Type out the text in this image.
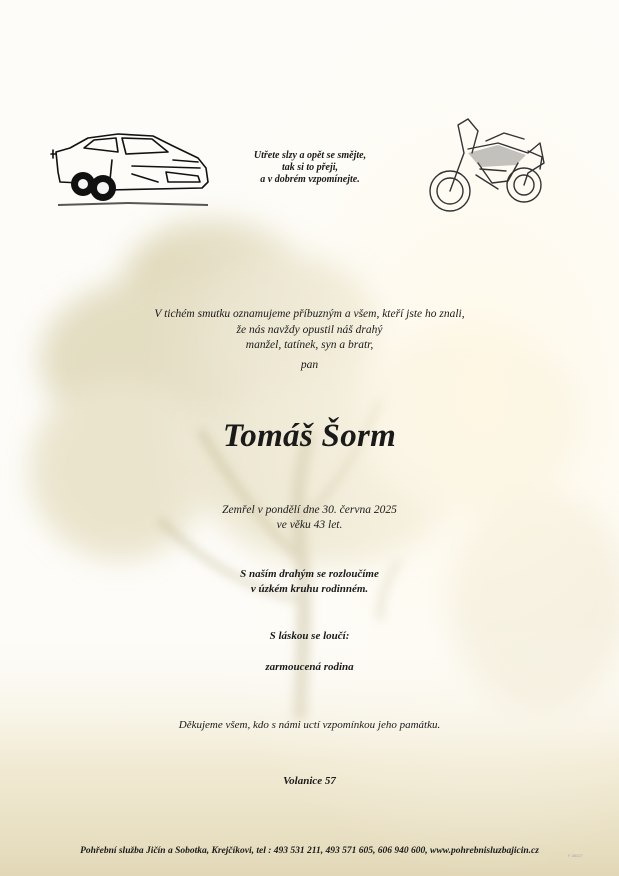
Utřete slzy a opět se smějte,
tak si to přeji,
a v dobrém vzpomínejte.
V tichém smutku oznamujeme příbuzným a všem, kteří jste ho znali,
že nás navždy opustil náš drahý
manžel, tatínek, syn a bratr,
pan
Tomáš Šorm
Zemřel v pondělí dne 30. června 2025
ve věku 43 let.
S naším drahým se rozloučíme
v úzkém kruhu rodinném.
S láskou se loučí:
zarmoucená rodina
Děkujeme všem, kdo s námi uctí vzpomínkou jeho památku.
Volanice 57
Pohřební služba Jičín a Sobotka, Krejčíkovi, tel : 493 531 211, 493 571 605, 606 940 600, www.pohrebnisluzbajicin.cz	F-38527
